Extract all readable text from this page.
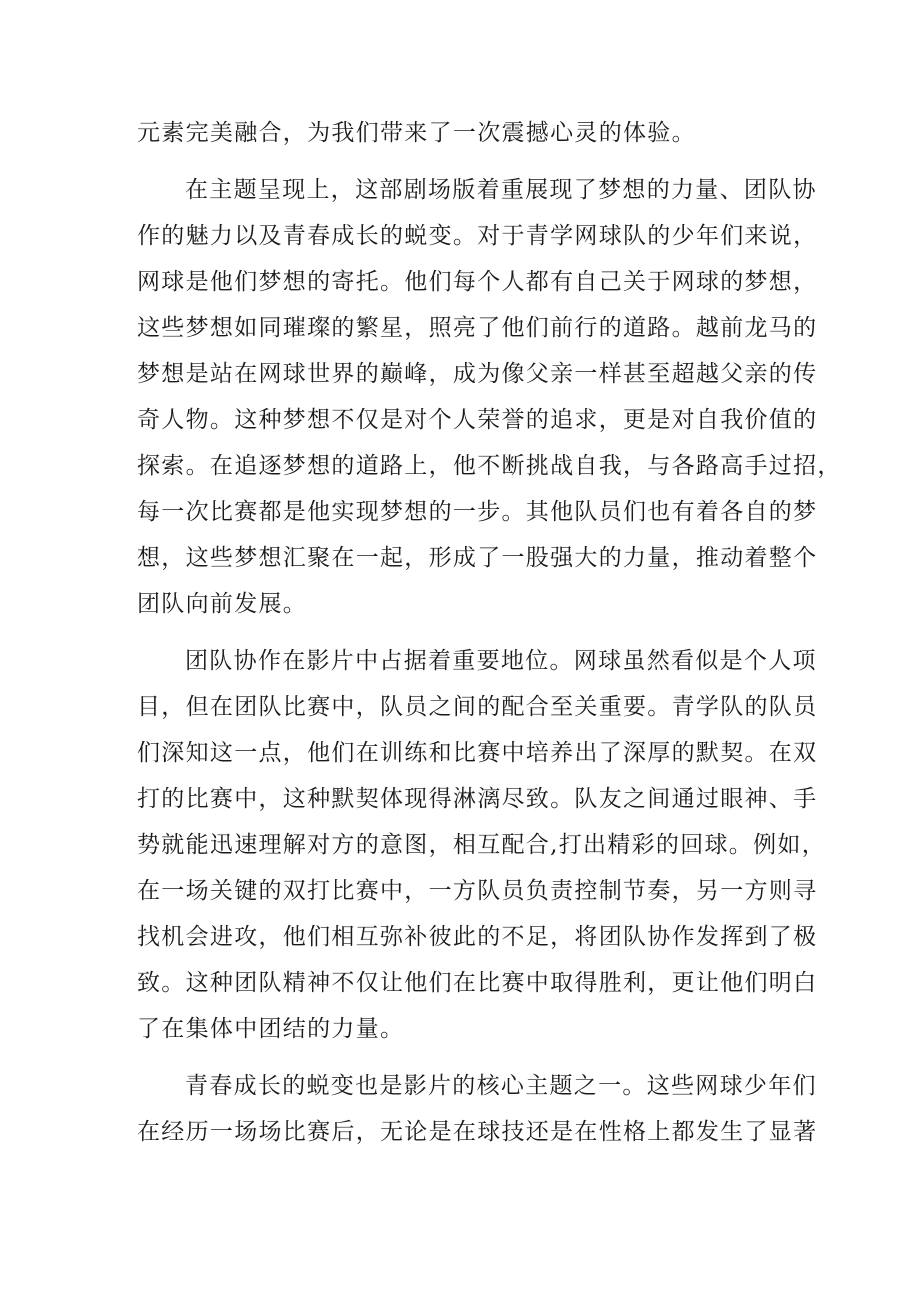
元素完美融合，为我们带来了一次震撼心灵的体验。
在主题呈现上，这部剧场版着重展现了梦想的力量、团队协
作的魅力以及青春成长的蜕变。对于青学网球队的少年们来说，
网球是他们梦想的寄托。他们每个人都有自己关于网球的梦想，
这些梦想如同璀璨的繁星，照亮了他们前行的道路。越前龙马的
梦想是站在网球世界的巅峰，成为像父亲一样甚至超越父亲的传
奇人物。这种梦想不仅是对个人荣誉的追求，更是对自我价值的
探索。在追逐梦想的道路上，他不断挑战自我，与各路高手过招，
每一次比赛都是他实现梦想的一步。其他队员们也有着各自的梦
想，这些梦想汇聚在一起，形成了一股强大的力量，推动着整个
团队向前发展。
团队协作在影片中占据着重要地位。网球虽然看似是个人项
目，但在团队比赛中，队员之间的配合至关重要。青学队的队员
们深知这一点，他们在训练和比赛中培养出了深厚的默契。在双
打的比赛中，这种默契体现得淋漓尽致。队友之间通过眼神、手
势就能迅速理解对方的意图，相互配合,打出精彩的回球。例如，
在一场关键的双打比赛中，一方队员负责控制节奏，另一方则寻
找机会进攻，他们相互弥补彼此的不足，将团队协作发挥到了极
致。这种团队精神不仅让他们在比赛中取得胜利，更让他们明白
了在集体中团结的力量。
青春成长的蜕变也是影片的核心主题之一。这些网球少年们
在经历一场场比赛后，无论是在球技还是在性格上都发生了显著
